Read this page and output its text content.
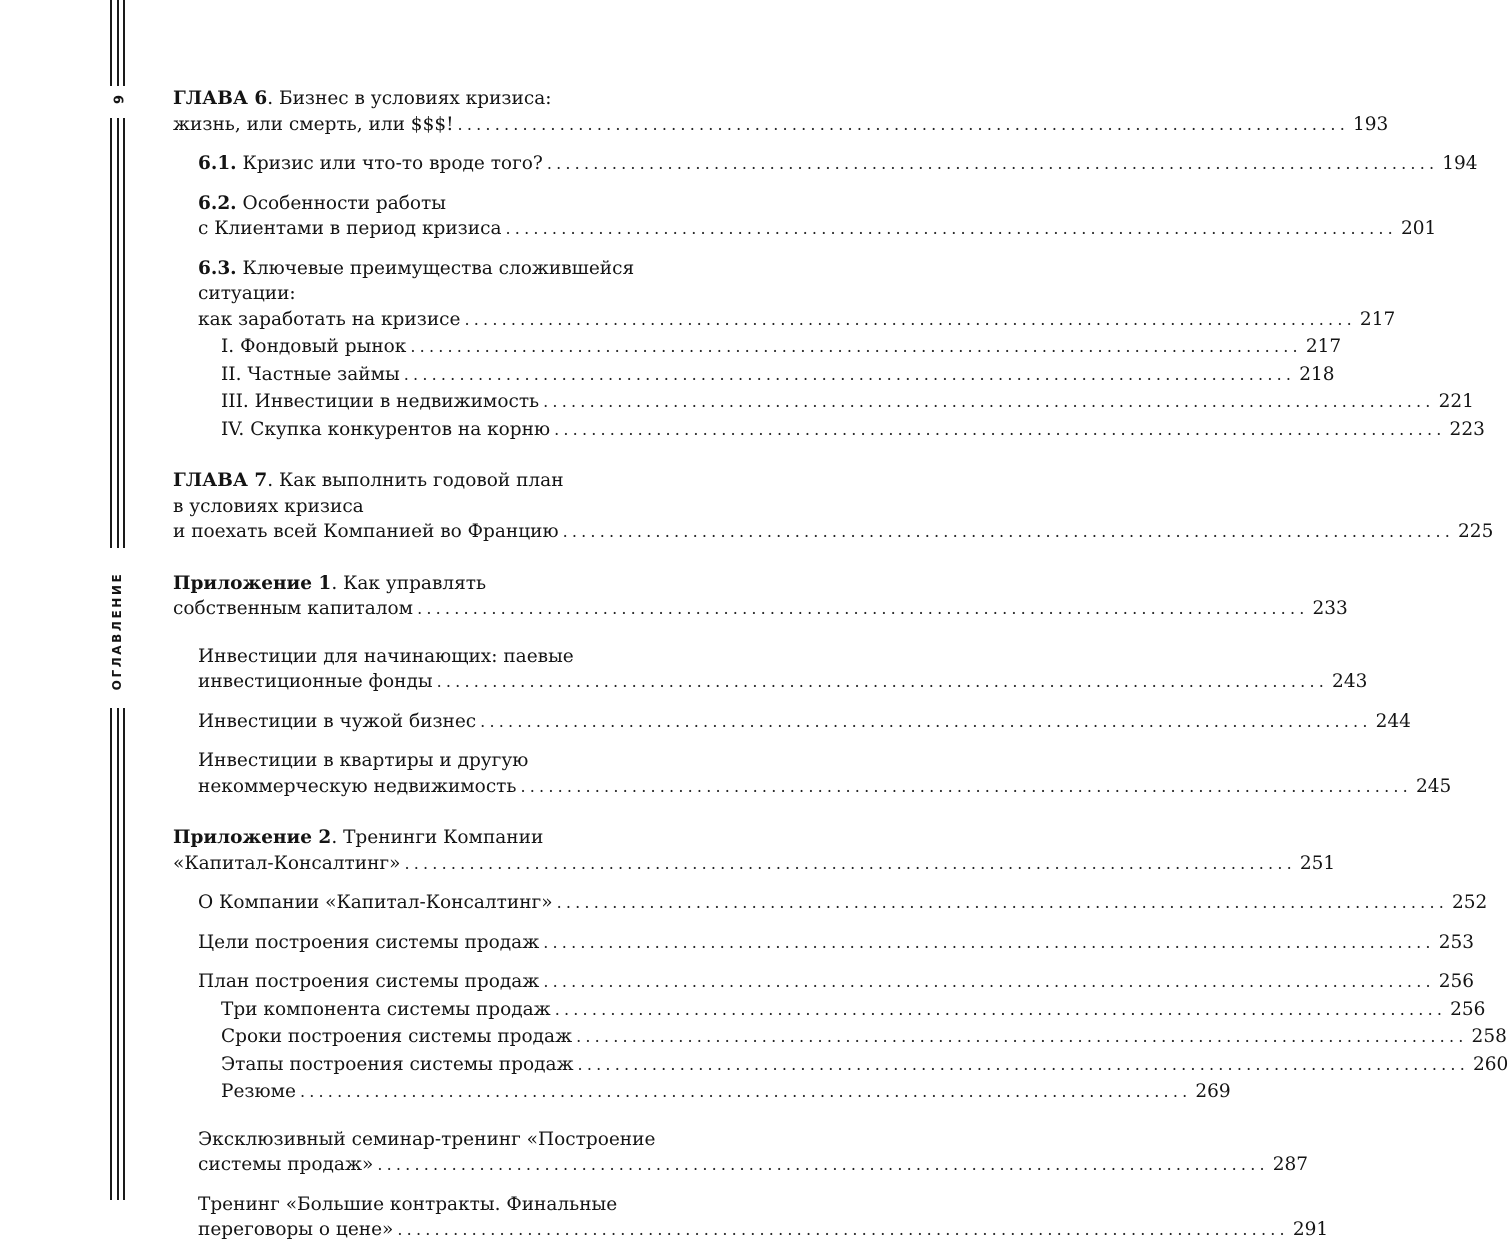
6
ОГЛАВЛЕНИЕ
ГЛАВА 6. Бизнес в условиях кризиса:
жизнь, или смерть, или $$$! ................................................................................................ 193
6.1. Кризис или что-то вроде того? ................................................................................................ 194
6.2. Особенности работы
с Клиентами в период кризиса ................................................................................................ 201
6.3. Ключевые преимущества сложившейся ситуации:
как заработать на кризисе ................................................................................................ 217
I. Фондовый рынок ................................................................................................ 217
II. Частные займы ................................................................................................ 218
III. Инвестиции в недвижимость ................................................................................................ 221
IV. Скупка конкурентов на корню ................................................................................................ 223
ГЛАВА 7. Как выполнить годовой план
в условиях кризиса
и поехать всей Компанией во Францию ................................................................................................ 225
Приложение 1. Как управлять
собственным капиталом ................................................................................................ 233
Инвестиции для начинающих: паевые
инвестиционные фонды ................................................................................................ 243
Инвестиции в чужой бизнес ................................................................................................ 244
Инвестиции в квартиры и другую
некоммерческую недвижимость ................................................................................................ 245
Приложение 2. Тренинги Компании
«Капитал-Консалтинг» ................................................................................................ 251
О Компании «Капитал-Консалтинг» ................................................................................................ 252
Цели построения системы продаж ................................................................................................ 253
План построения системы продаж ................................................................................................ 256
Три компонента системы продаж ................................................................................................ 256
Сроки построения системы продаж ................................................................................................ 258
Этапы построения системы продаж ................................................................................................ 260
Резюме ................................................................................................ 269
Эксклюзивный семинар-тренинг «Построение
системы продаж» ................................................................................................ 287
Тренинг «Большие контракты. Финальные
переговоры о цене» ................................................................................................ 291
